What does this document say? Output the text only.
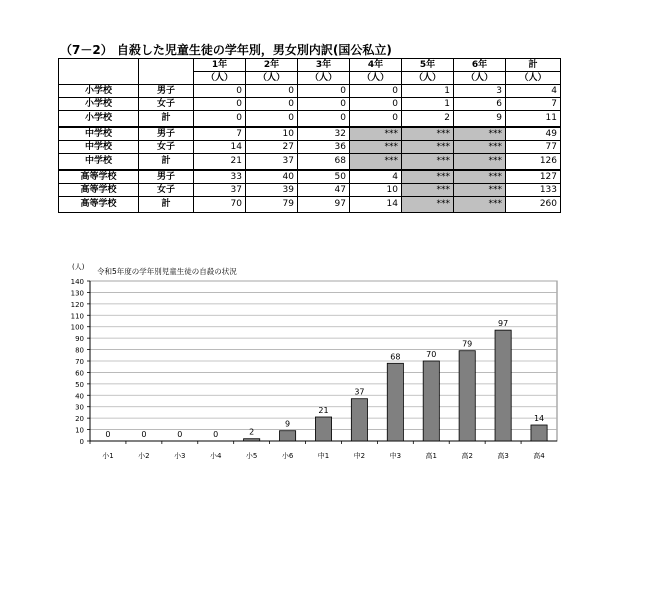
（7－2） 自殺した児童生徒の学年別，男女別内訳(国公私立)
		1年	2年	3年	4年	5年	6年	計
		（人）	（人）	（人）	（人）	（人）	（人）	（人）
小学校	男子	0	0	0	0	1	3	4
小学校	女子	0	0	0	0	1	6	7
小学校	計	0	0	0	0	2	9	11
中学校	男子	7	10	32	***	***	***	49
中学校	女子	14	27	36	***	***	***	77
中学校	計	21	37	68	***	***	***	126
高等学校	男子	33	40	50	4	***	***	127
高等学校	女子	37	39	47	10	***	***	133
高等学校	計	70	79	97	14	***	***	260
0
10
20
30
40
50
60
70
80
90
100
110
120
130
140
(人) 令和5年度の学年別児童生徒の自殺の状況
0
小1
0
小2
0
小3
0
小4
2
小5
9
小6
21
中1
37
中2
68
中3
70
高1
79
高2
97
高3
14
高4
